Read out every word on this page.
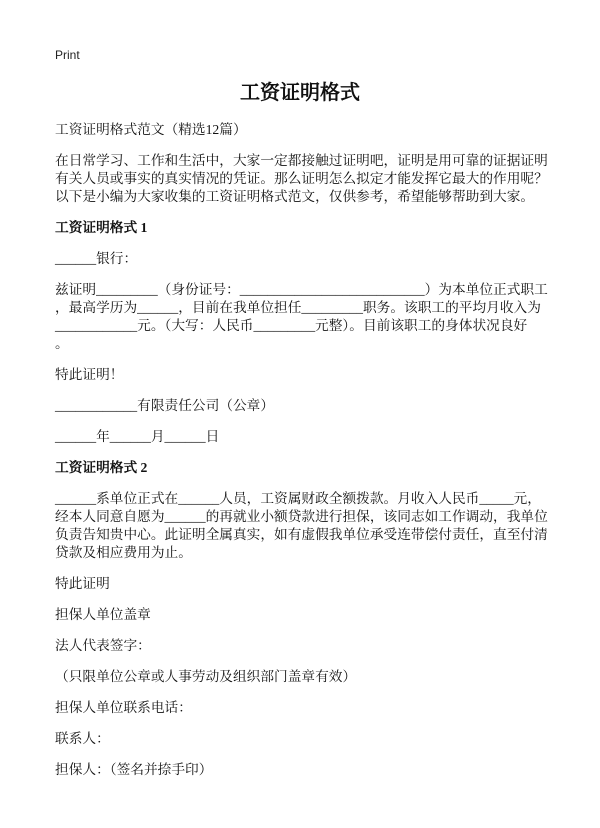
Print
工资证明格式
工资证明格式范文（精选12篇）
在日常学习、工作和生活中，大家一定都接触过证明吧，证明是用可靠的证据证明
有关人员或事实的真实情况的凭证。那么证明怎么拟定才能发挥它最大的作用呢？
以下是小编为大家收集的工资证明格式范文，仅供参考，希望能够帮助到大家。
工资证明格式 1
______银行：
兹证明_________（身份证号：___________________________）为本单位正式职工
，最高学历为______，目前在我单位担任_________职务。该职工的平均月收入为
____________元。（大写：人民币_________元整）。目前该职工的身体状况良好
。
特此证明！
____________有限责任公司（公章）
______年______月______日
工资证明格式 2
______系单位正式在______人员，工资属财政全额拨款。月收入人民币_____元，
经本人同意自愿为______的再就业小额贷款进行担保，该同志如工作调动，我单位
负责告知贵中心。此证明全属真实，如有虚假我单位承受连带偿付责任，直至付清
贷款及相应费用为止。
特此证明
担保人单位盖章
法人代表签字：
（只限单位公章或人事劳动及组织部门盖章有效）
担保人单位联系电话：
联系人：
担保人：（签名并捺手印）
